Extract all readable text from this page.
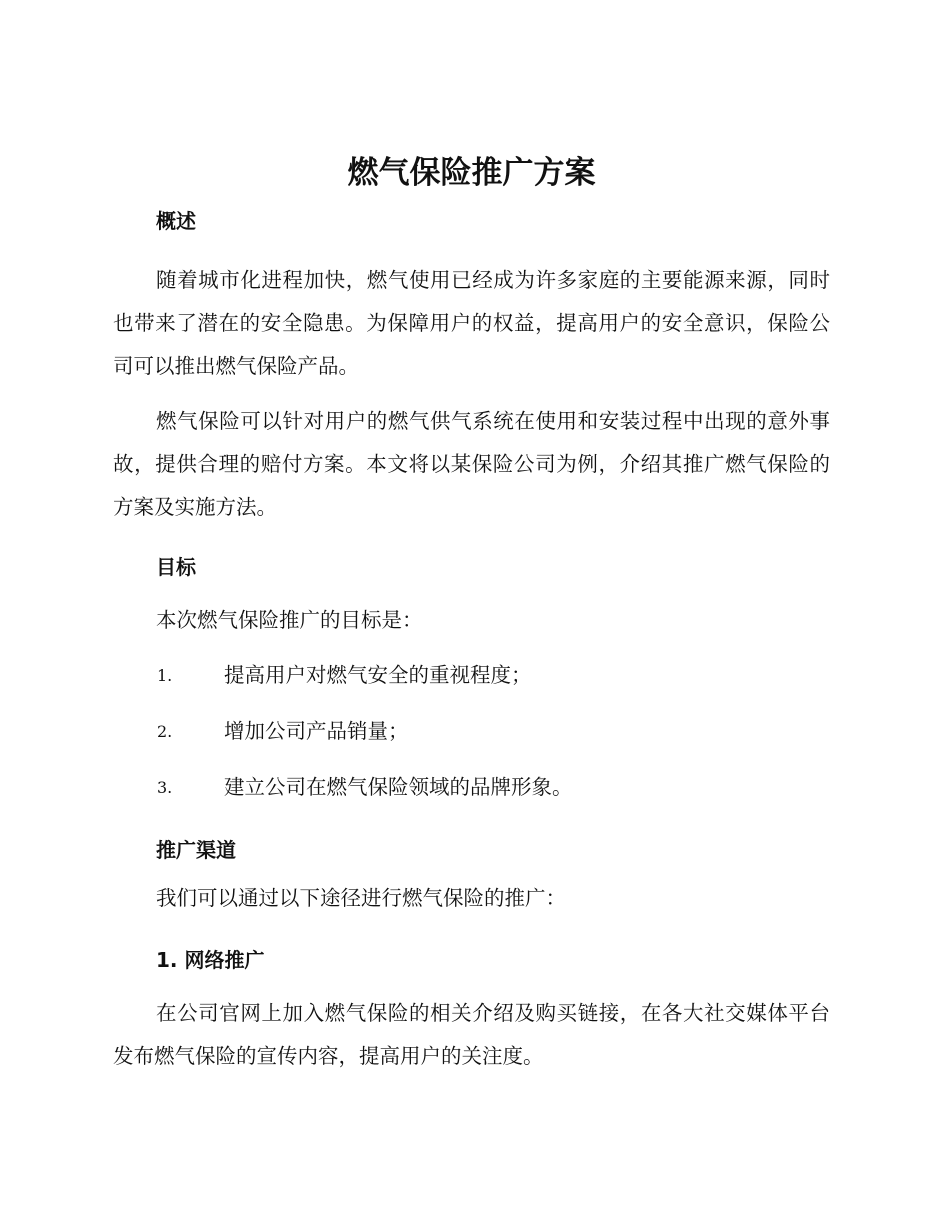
燃气保险推广方案
概述

随着城市化进程加快，燃气使用已经成为许多家庭的主要能源来源，同时也带来了潜在的安全隐患。为保障用户的权益，提高用户的安全意识，保险公司可以推出燃气保险产品。

燃气保险可以针对用户的燃气供气系统在使用和安装过程中出现的意外事故，提供合理的赔付方案。本文将以某保险公司为例，介绍其推广燃气保险的方案及实施方法。

目标

本次燃气保险推广的目标是：

1.	提高用户对燃气安全的重视程度；
2.	增加公司产品销量；
3.	建立公司在燃气保险领域的品牌形象。
推广渠道

我们可以通过以下途径进行燃气保险的推广：

1. 网络推广

在公司官网上加入燃气保险的相关介绍及购买链接，在各大社交媒体平台发布燃气保险的宣传内容，提高用户的关注度。
